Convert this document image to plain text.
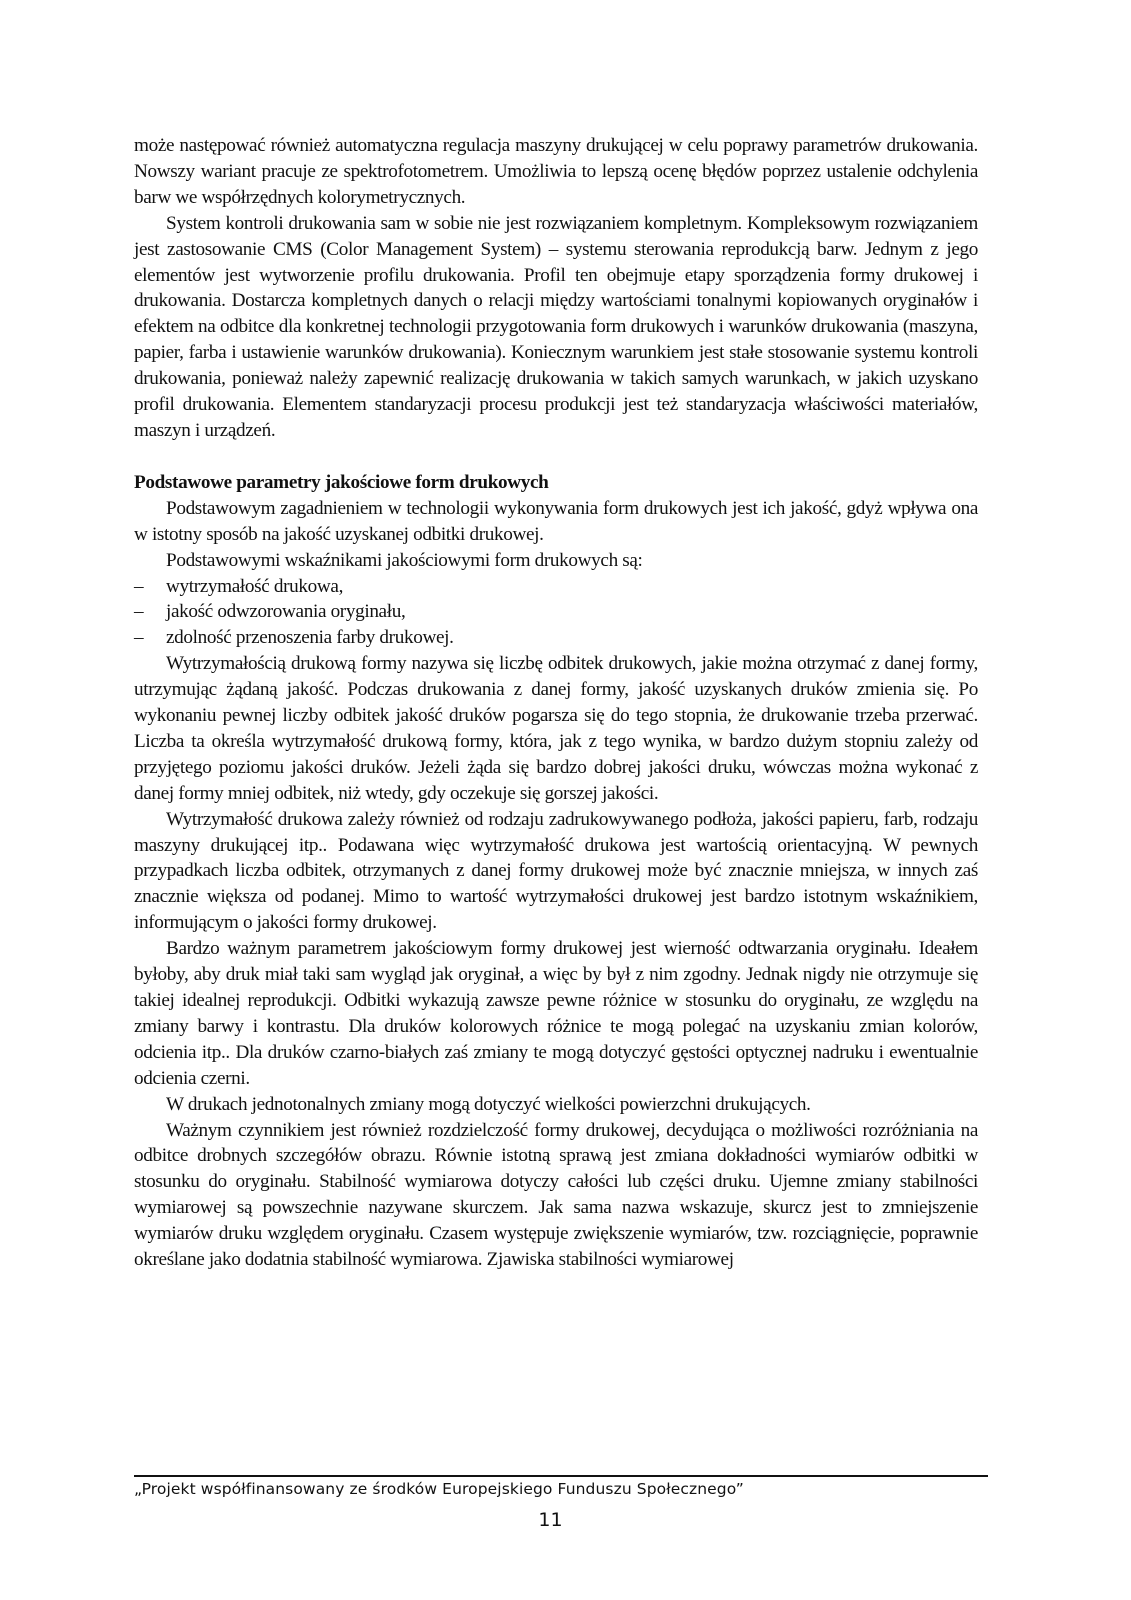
może następować również automatyczna regulacja maszyny drukującej w celu poprawy parametrów drukowania. Nowszy wariant pracuje ze spektrofotometrem. Umożliwia to lepszą ocenę błędów poprzez ustalenie odchylenia barw we współrzędnych kolorymetrycznych.

System kontroli drukowania sam w sobie nie jest rozwiązaniem kompletnym. Kompleksowym rozwiązaniem jest zastosowanie CMS (Color Management System) – systemu sterowania reprodukcją barw. Jednym z jego elementów jest wytworzenie profilu drukowania. Profil ten obejmuje etapy sporządzenia formy drukowej i drukowania. Dostarcza kompletnych danych o relacji między wartościami tonalnymi kopiowanych oryginałów i efektem na odbitce dla konkretnej technologii przygotowania form drukowych i warunków drukowania (maszyna, papier, farba i ustawienie warunków drukowania). Koniecznym warunkiem jest stałe stosowanie systemu kontroli drukowania, ponieważ należy zapewnić realizację drukowania w takich samych warunkach, w jakich uzyskano profil drukowania. Elementem standaryzacji procesu produkcji jest też standaryzacja właściwości materiałów, maszyn i urządzeń.

Podstawowe parametry jakościowe form drukowych

Podstawowym zagadnieniem w technologii wykonywania form drukowych jest ich jakość, gdyż wpływa ona w istotny sposób na jakość uzyskanej odbitki drukowej.

Podstawowymi wskaźnikami jakościowymi form drukowych są:

– wytrzymałość drukowa,
– jakość odwzorowania oryginału,
– zdolność przenoszenia farby drukowej.

Wytrzymałością drukową formy nazywa się liczbę odbitek drukowych, jakie można otrzymać z danej formy, utrzymując żądaną jakość. Podczas drukowania z danej formy, jakość uzyskanych druków zmienia się. Po wykonaniu pewnej liczby odbitek jakość druków pogarsza się do tego stopnia, że drukowanie trzeba przerwać. Liczba ta określa wytrzymałość drukową formy, która, jak z tego wynika, w bardzo dużym stopniu zależy od przyjętego poziomu jakości druków. Jeżeli żąda się bardzo dobrej jakości druku, wówczas można wykonać z danej formy mniej odbitek, niż wtedy, gdy oczekuje się gorszej jakości.

Wytrzymałość drukowa zależy również od rodzaju zadrukowywanego podłoża, jakości papieru, farb, rodzaju maszyny drukującej itp.. Podawana więc wytrzymałość drukowa jest wartością orientacyjną. W pewnych przypadkach liczba odbitek, otrzymanych z danej formy drukowej może być znacznie mniejsza, w innych zaś znacznie większa od podanej. Mimo to wartość wytrzymałości drukowej jest bardzo istotnym wskaźnikiem, informującym o jakości formy drukowej.

Bardzo ważnym parametrem jakościowym formy drukowej jest wierność odtwarzania oryginału. Ideałem byłoby, aby druk miał taki sam wygląd jak oryginał, a więc by był z nim zgodny. Jednak nigdy nie otrzymuje się takiej idealnej reprodukcji. Odbitki wykazują zawsze pewne różnice w stosunku do oryginału, ze względu na zmiany barwy i kontrastu. Dla druków kolorowych różnice te mogą polegać na uzyskaniu zmian kolorów, odcienia itp.. Dla druków czarno-białych zaś zmiany te mogą dotyczyć gęstości optycznej nadruku i ewentualnie odcienia czerni.

W drukach jednotonalnych zmiany mogą dotyczyć wielkości powierzchni drukujących.

Ważnym czynnikiem jest również rozdzielczość formy drukowej, decydująca o możliwości rozróżniania na odbitce drobnych szczegółów obrazu. Równie istotną sprawą jest zmiana dokładności wymiarów odbitki w stosunku do oryginału. Stabilność wymiarowa dotyczy całości lub części druku. Ujemne zmiany stabilności wymiarowej są powszechnie nazywane skurczem. Jak sama nazwa wskazuje, skurcz jest to zmniejszenie wymiarów druku względem oryginału. Czasem występuje zwiększenie wymiarów, tzw. rozciągnięcie, poprawnie określane jako dodatnia stabilność wymiarowa. Zjawiska stabilności wymiarowej

„Projekt współfinansowany ze środków Europejskiego Funduszu Społecznego”
11
